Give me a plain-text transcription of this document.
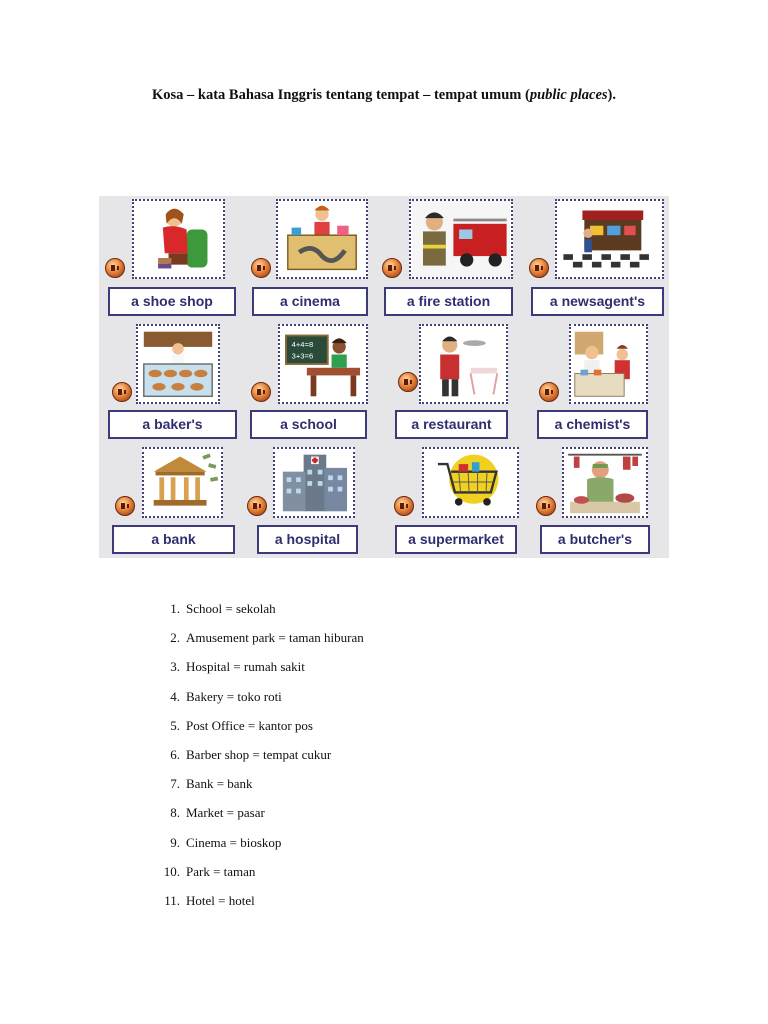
Kosa – kata Bahasa Inggris tentang tempat – tempat umum (public places).
a shoe shop	a cinema	a fire station	a newsagent's
a baker's
4+4=8
3+3=6
a school	a restaurant	a chemist's
a bank	a hospital	a supermarket	a butcher's
1. School = sekolah
2. Amusement park = taman hiburan
3. Hospital = rumah sakit
4. Bakery = toko roti
5. Post Office = kantor pos
6. Barber shop = tempat cukur
7. Bank = bank
8. Market = pasar
9. Cinema = bioskop
10. Park = taman
11. Hotel = hotel
